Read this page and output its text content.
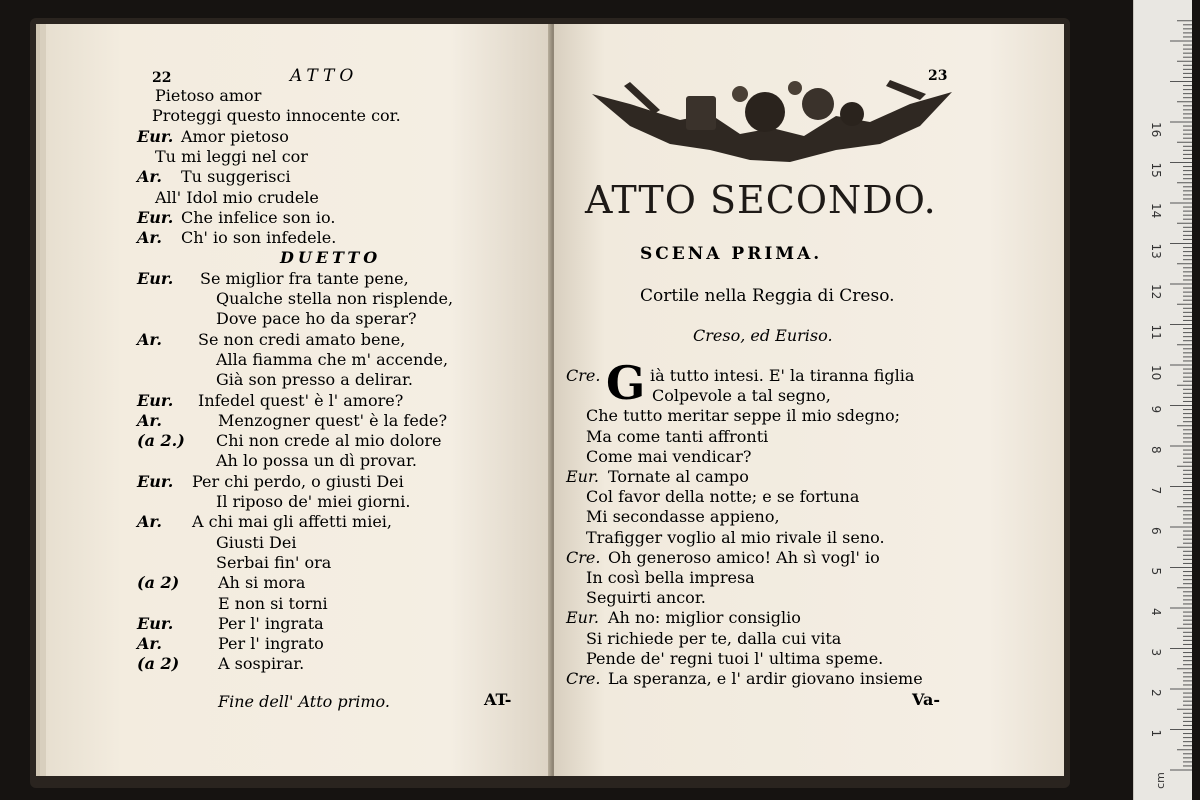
22	ATTO
Pietoso amor
Proteggi questo innocente cor.
Eur. Amor pietoso
Tu mi leggi nel cor
Ar. Tu suggerisci
All' Idol mio crudele
Eur. Che infelice son io.
Ar. Ch' io son infedele.
DUETTO
Eur. Se miglior fra tante pene,
Qualche stella non risplende,
Dove pace ho da sperar?
Ar. Se non credi amato bene,
Alla fiamma che m' accende,
Già son presso a delirar.
Eur. Infedel quest' è l' amore?
Ar.	Menzogner quest' è la fede?
(a 2.) Chi non crede al mio dolore
Ah lo possa un dì provar.
Eur. Per chi perdo, o giusti Dei
Il riposo de' miei giorni.
Ar. A chi mai gli affetti miei,
Giusti Dei
Serbai fin' ora
(a 2) Ah si mora
E non si torni
Eur.	Per l' ingrata
Ar.	Per l' ingrato
(a 2) A sospirar.
Fine dell' Atto primo.	AT-
23
ATTO SECONDO.
SCENA PRIMA.
Cortile nella Reggia di Creso.
Creso, ed Euriso.
G
Cre.	ià tutto intesi. E' la tiranna figlia
Colpevole a tal segno,
Che tutto meritar seppe il mio sdegno;
Ma come tanti affronti
Come mai vendicar?
Eur. Tornate al campo
Col favor della notte; e se fortuna
Mi secondasse appieno,
Trafigger voglio al mio rivale il seno.
Cre. Oh generoso amico! Ah sì vogl' io
In così bella impresa
Seguirti ancor.
Eur. Ah no: miglior consiglio
Si richiede per te, dalla cui vita
Pende de' regni tuoi l' ultima speme.
Cre. La speranza, e l' ardir giovano insieme
Va-
1
2
3
4
5
6
7
8
9
10
11
12
13
14
15
16
cm
